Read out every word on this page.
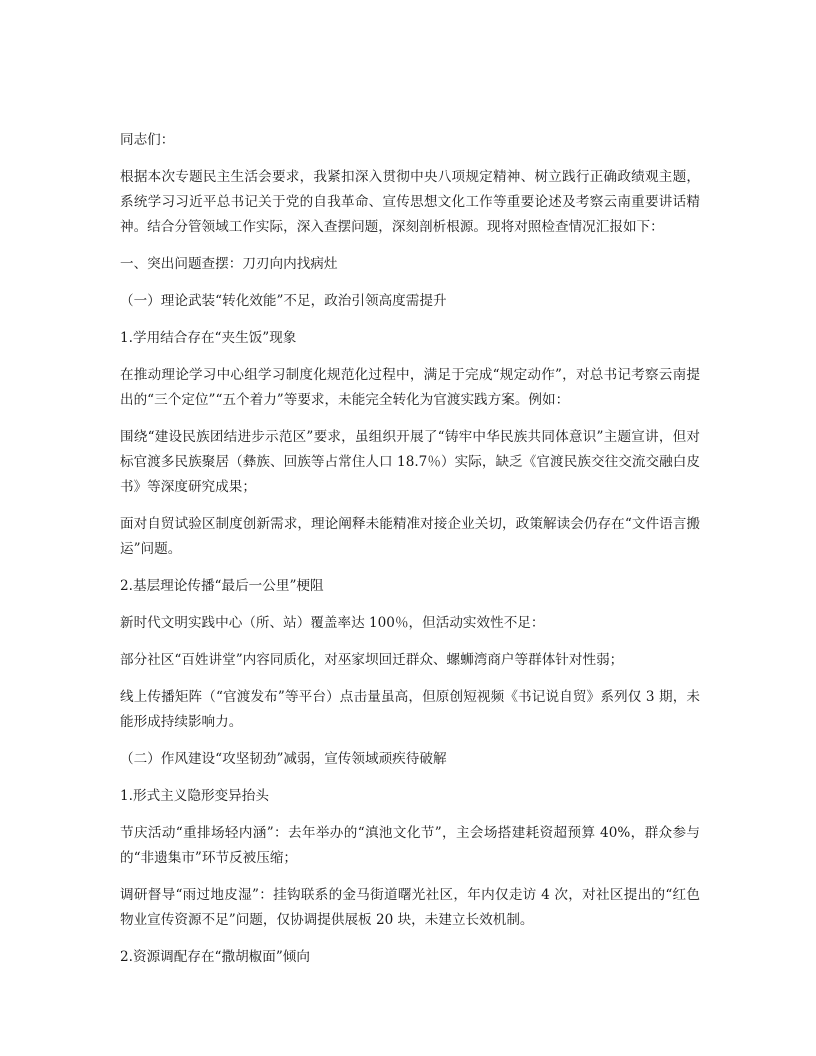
同志们：

根据本次专题民主生活会要求，我紧扣深入贯彻中央八项规定精神、树立践行正确政绩观主题，系统学习习近平总书记关于党的自我革命、宣传思想文化工作等重要论述及考察云南重要讲话精神。结合分管领域工作实际，深入查摆问题，深刻剖析根源。现将对照检查情况汇报如下：

一、突出问题查摆：刀刃向内找病灶

（一）理论武装“转化效能”不足，政治引领高度需提升

1.学用结合存在“夹生饭”现象

在推动理论学习中心组学习制度化规范化过程中，满足于完成“规定动作”，对总书记考察云南提出的“三个定位”“五个着力”等要求，未能完全转化为官渡实践方案。例如：

围绕“建设民族团结进步示范区”要求，虽组织开展了“铸牢中华民族共同体意识”主题宣讲，但对标官渡多民族聚居（彝族、回族等占常住人口 18.7％）实际，缺乏《官渡民族交往交流交融白皮书》等深度研究成果；

面对自贸试验区制度创新需求，理论阐释未能精准对接企业关切，政策解读会仍存在“文件语言搬运”问题。

2.基层理论传播“最后一公里”梗阻

新时代文明实践中心（所、站）覆盖率达 100％，但活动实效性不足：

部分社区“百姓讲堂”内容同质化，对巫家坝回迁群众、螺蛳湾商户等群体针对性弱；

线上传播矩阵（“官渡发布”等平台）点击量虽高，但原创短视频《书记说自贸》系列仅 3 期，未能形成持续影响力。

（二）作风建设“攻坚韧劲”减弱，宣传领域顽疾待破解

1.形式主义隐形变异抬头

节庆活动“重排场轻内涵”：去年举办的“滇池文化节”，主会场搭建耗资超预算 40%，群众参与的“非遗集市”环节反被压缩；

调研督导“雨过地皮湿”：挂钩联系的金马街道曙光社区，年内仅走访 4 次，对社区提出的“红色物业宣传资源不足”问题，仅协调提供展板 20 块，未建立长效机制。

2.资源调配存在“撒胡椒面”倾向
